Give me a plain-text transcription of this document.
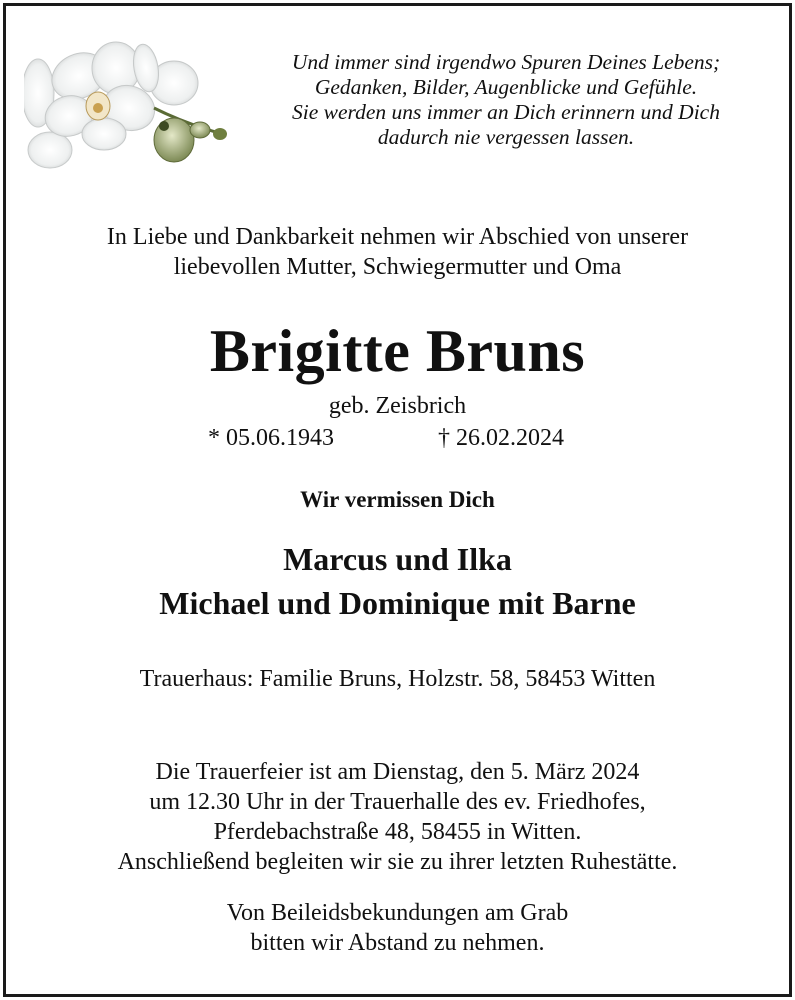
Und immer sind irgendwo Spuren Deines Lebens;
Gedanken, Bilder, Augenblicke und Gefühle.
Sie werden uns immer an Dich erinnern und Dich
dadurch nie vergessen lassen.
In Liebe und Dankbarkeit nehmen wir Abschied von unserer
liebevollen Mutter, Schwiegermutter und Oma
Brigitte Bruns
geb. Zeisbrich
* 05.06.1943	† 26.02.2024
Wir vermissen Dich
Marcus und Ilka
Michael und Dominique mit Barne
Trauerhaus: Familie Bruns, Holzstr. 58, 58453 Witten
Die Trauerfeier ist am Dienstag, den 5. März 2024
um 12.30 Uhr in der Trauerhalle des ev. Friedhofes,
Pferdebachstraße 48, 58455 in Witten.
Anschließend begleiten wir sie zu ihrer letzten Ruhestätte.
Von Beileidsbekundungen am Grab
bitten wir Abstand zu nehmen.
